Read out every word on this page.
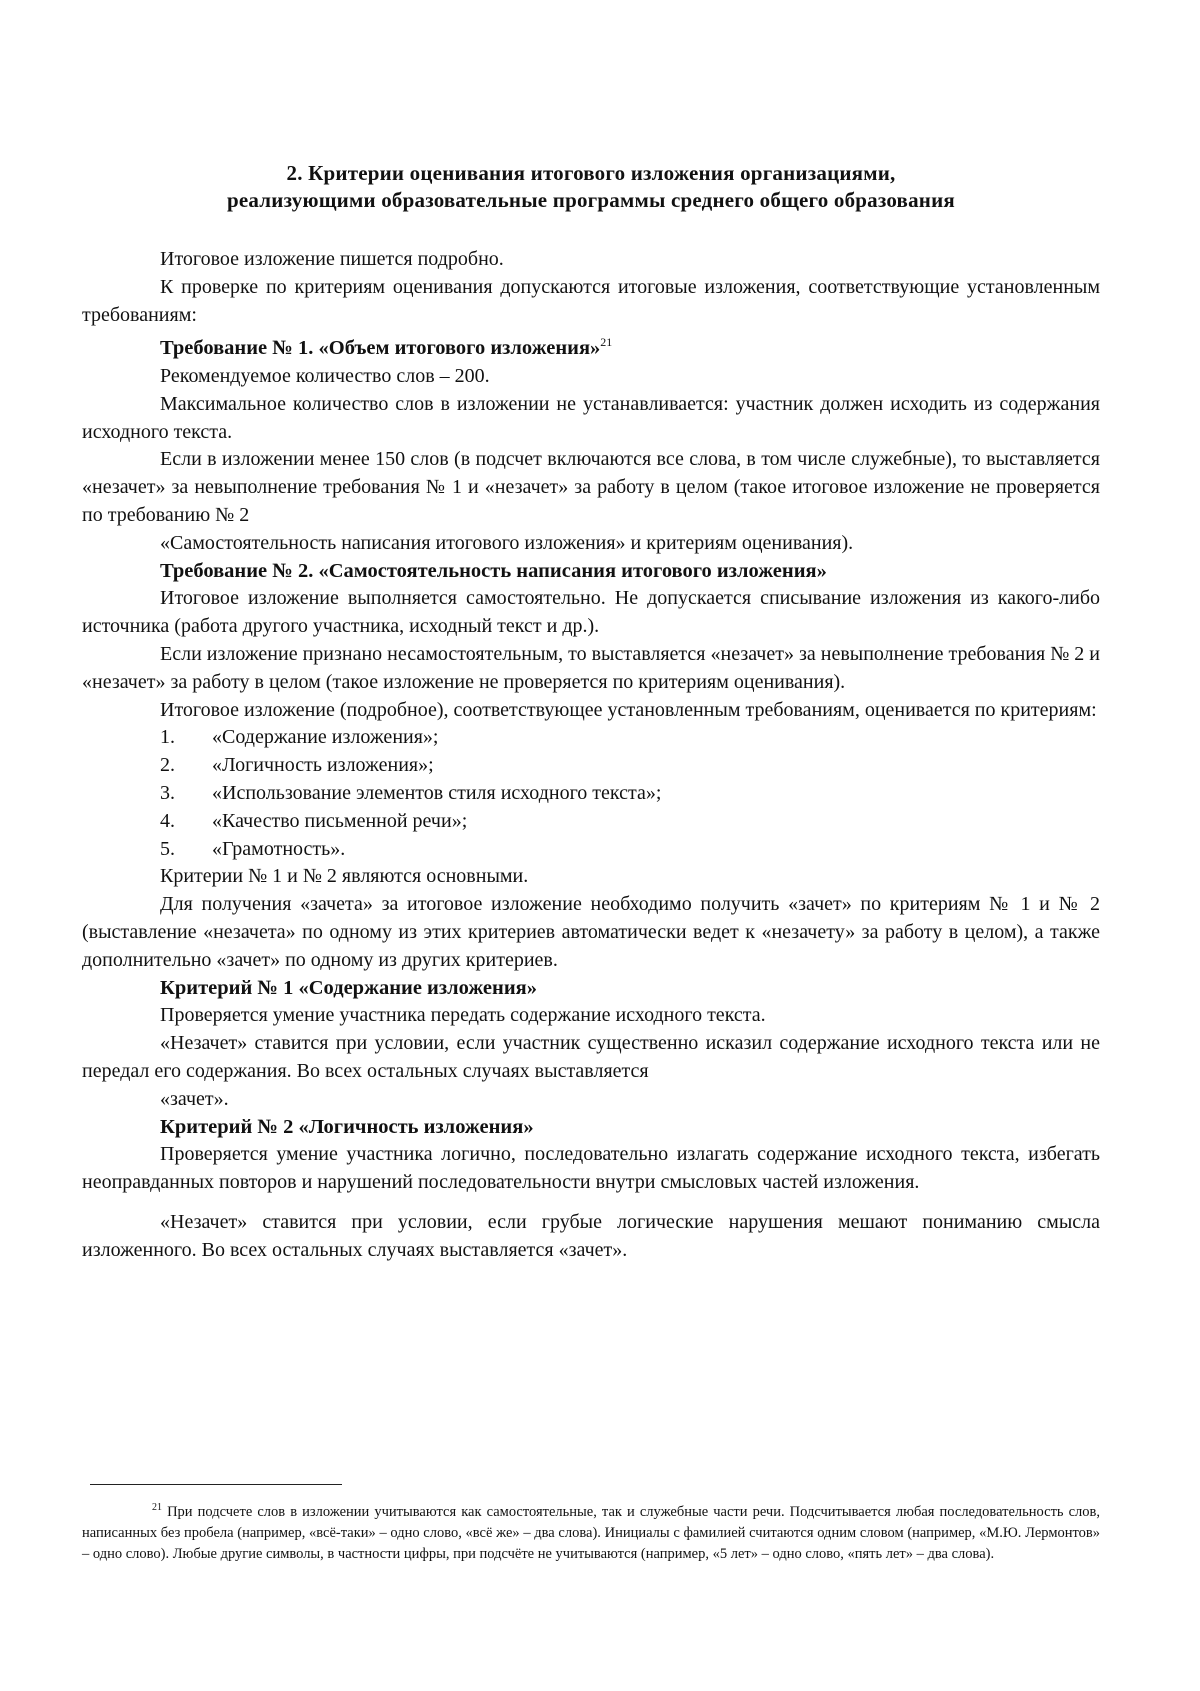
2. Критерии оценивания итогового изложения организациями,
реализующими образовательные программы среднего общего образования

Итоговое изложение пишется подробно.

К проверке по критериям оценивания допускаются итоговые изложения, соответствующие установленным требованиям:

Требование № 1. «Объем итогового изложения»$^{21}$

Рекомендуемое количество слов – 200.

Максимальное количество слов в изложении не устанавливается: участник должен исходить из содержания исходного текста.

Если в изложении менее 150 слов (в подсчет включаются все слова, в том числе служебные), то выставляется «незачет» за невыполнение требования № 1 и «незачет» за работу в целом (такое итоговое изложение не проверяется по требованию № 2

«Самостоятельность написания итогового изложения» и критериям оценивания).

Требование № 2. «Самостоятельность написания итогового изложения»

Итоговое изложение выполняется самостоятельно. Не допускается списывание изложения из какого-либо источника (работа другого участника, исходный текст и др.).

Если изложение признано несамостоятельным, то выставляется «незачет» за невыполнение требования № 2 и «незачет» за работу в целом (такое изложение не проверяется по критериям оценивания).

Итоговое изложение (подробное), соответствующее установленным требованиям, оценивается по критериям:

1. «Содержание изложения»;
2. «Логичность изложения»;
3. «Использование элементов стиля исходного текста»;
4. «Качество письменной речи»;
5. «Грамотность».

Критерии № 1 и № 2 являются основными.

Для получения «зачета» за итоговое изложение необходимо получить «зачет» по критериям № 1 и № 2 (выставление «незачета» по одному из этих критериев автоматически ведет к «незачету» за работу в целом), а также дополнительно «зачет» по одному из других критериев.

Критерий № 1 «Содержание изложения»

Проверяется умение участника передать содержание исходного текста.

«Незачет» ставится при условии, если участник существенно исказил содержание исходного текста или не передал его содержания. Во всех остальных случаях выставляется

«зачет».

Критерий № 2 «Логичность изложения»

Проверяется умение участника логично, последовательно излагать содержание исходного текста, избегать неоправданных повторов и нарушений последовательности внутри смысловых частей изложения.

«Незачет» ставится при условии, если грубые логические нарушения мешают пониманию смысла изложенного. Во всех остальных случаях выставляется «зачет».

$^{21}$ При подсчете слов в изложении учитываются как самостоятельные, так и служебные части речи. Подсчитывается любая последовательность слов, написанных без пробела (например, «всё-таки» – одно слово, «всё же» – два слова). Инициалы с фамилией считаются одним словом (например, «М.Ю. Лермонтов» – одно слово). Любые другие символы, в частности цифры, при подсчёте не учитываются (например, «5 лет» – одно слово, «пять лет» – два слова).
